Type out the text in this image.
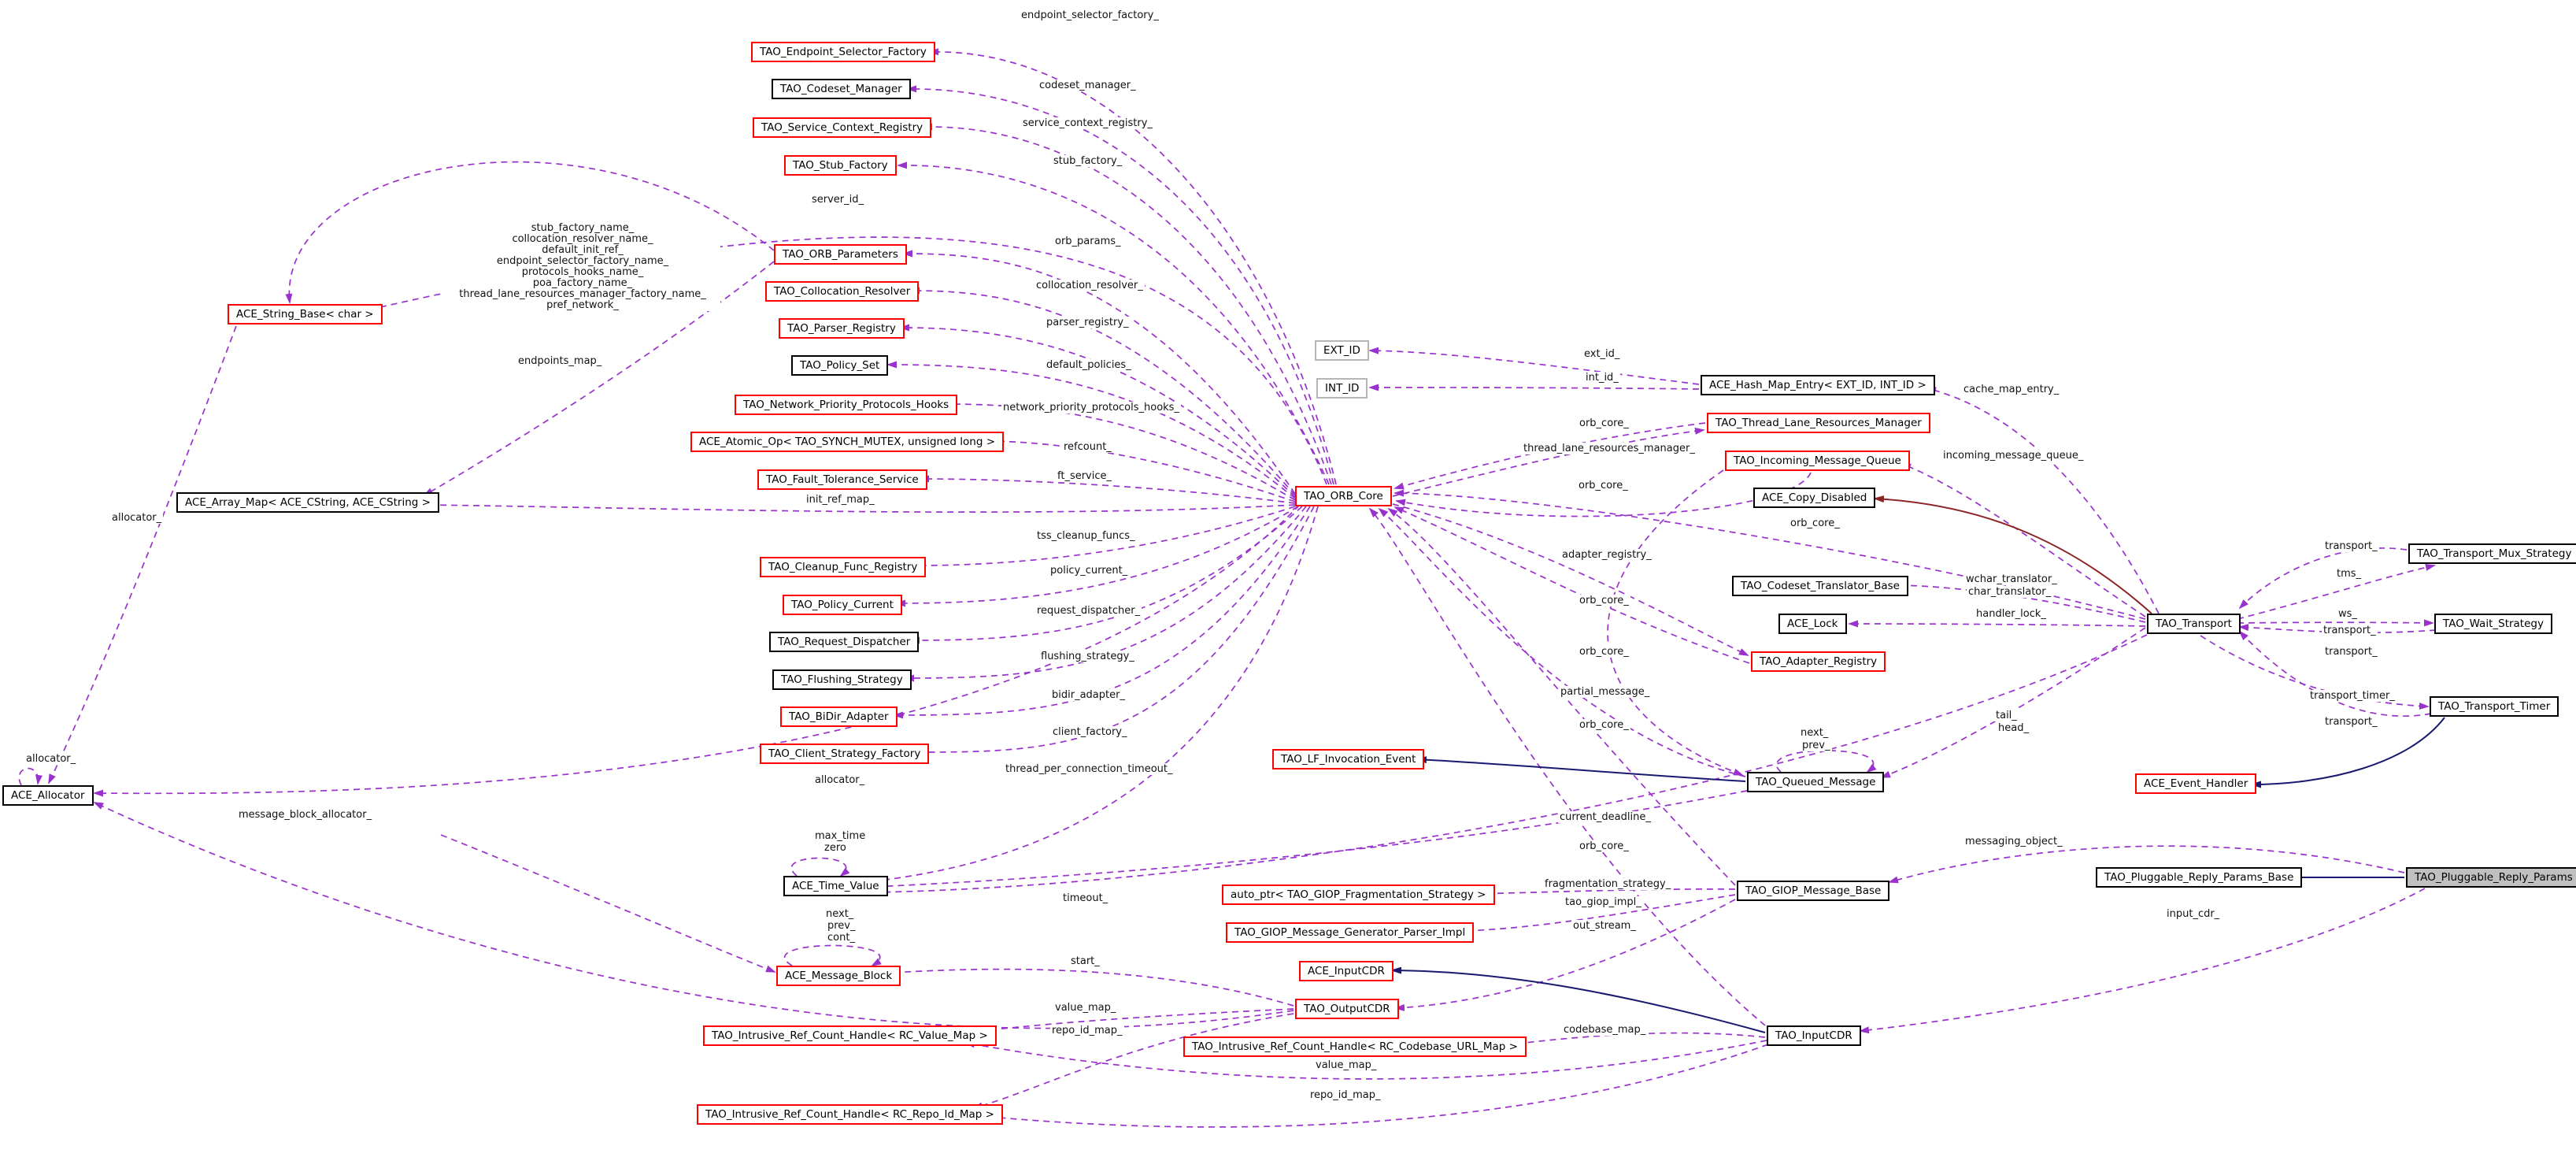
endpoint_selector_factory_
codeset_manager_
service_context_registry_
stub_factory_
server_id_
endpoints_map_
orb_params_
collocation_resolver_
parser_registry_
default_policies_
network_priority_protocols_hooks_
refcount_
ft_service_
init_ref_map_
allocator_
tss_cleanup_funcs_
policy_current_
request_dispatcher_
flushing_strategy_
bidir_adapter_
client_factory_
thread_per_connection_timeout_
allocator_
allocator_
message_block_allocator_
max_time
zero
next_
prev_
cont_
timeout_
start_
value_map_
repo_id_map_
value_map_
repo_id_map_
codebase_map_
fragmentation_strategy_
tao_giop_impl_
out_stream_
ext_id_
int_id_
cache_map_entry_
orb_core_
thread_lane_resources_manager_
incoming_message_queue_
orb_core_
orb_core_
orb_core_
orb_core_
orb_core_
orb_core_
adapter_registry_
wchar_translator_
char_translator_
handler_lock_
partial_message_
tail_
head_
next_
prev_
current_deadline_
messaging_object_
input_cdr_
transport_
tms_
ws_
transport_
transport_
transport_timer_
transport_
stub_factory_name_
collocation_resolver_name_
default_init_ref_
endpoint_selector_factory_name_
protocols_hooks_name_
poa_factory_name_
thread_lane_resources_manager_factory_name_
pref_network_
TAO_Endpoint_Selector_Factory
TAO_Codeset_Manager
TAO_Service_Context_Registry
TAO_Stub_Factory
TAO_ORB_Parameters
TAO_Collocation_Resolver
TAO_Parser_Registry
TAO_Policy_Set
TAO_Network_Priority_Protocols_Hooks
ACE_Atomic_Op< TAO_SYNCH_MUTEX, unsigned long >
TAO_Fault_Tolerance_Service
TAO_Cleanup_Func_Registry
TAO_Policy_Current
TAO_Request_Dispatcher
TAO_Flushing_Strategy
TAO_BiDir_Adapter
TAO_Client_Strategy_Factory
ACE_String_Base< char >
ACE_Array_Map< ACE_CString, ACE_CString >
ACE_Allocator
ACE_Time_Value
ACE_Message_Block
TAO_Intrusive_Ref_Count_Handle< RC_Value_Map >
TAO_Intrusive_Ref_Count_Handle< RC_Repo_Id_Map >
TAO_ORB_Core
auto_ptr< TAO_GIOP_Fragmentation_Strategy >
TAO_GIOP_Message_Generator_Parser_Impl
ACE_InputCDR
TAO_OutputCDR
TAO_Intrusive_Ref_Count_Handle< RC_Codebase_URL_Map >
TAO_InputCDR
EXT_ID
INT_ID	ACE_Hash_Map_Entry< EXT_ID, INT_ID >
TAO_Thread_Lane_Resources_Manager
TAO_Incoming_Message_Queue
ACE_Copy_Disabled
TAO_Codeset_Translator_Base
ACE_Lock
TAO_Adapter_Registry
TAO_LF_Invocation_Event
TAO_Queued_Message
TAO_GIOP_Message_Base
TAO_Transport
TAO_Transport_Mux_Strategy
TAO_Wait_Strategy
TAO_Transport_Timer
ACE_Event_Handler
TAO_Pluggable_Reply_Params_Base	TAO_Pluggable_Reply_Params
